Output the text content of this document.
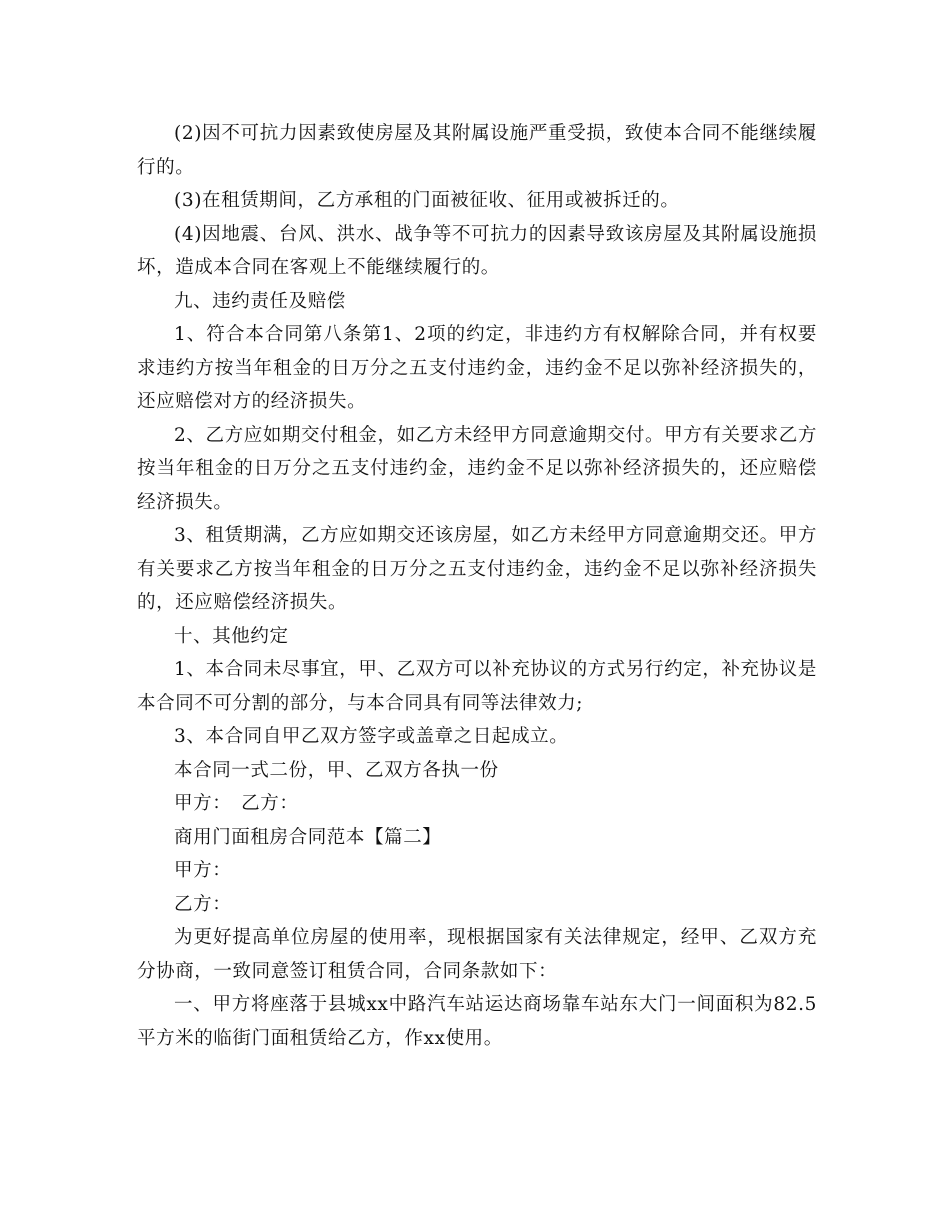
(2)因不可抗力因素致使房屋及其附属设施严重受损，致使本合同不能继续履行的。

(3)在租赁期间，乙方承租的门面被征收、征用或被拆迁的。

(4)因地震、台风、洪水、战争等不可抗力的因素导致该房屋及其附属设施损坏，造成本合同在客观上不能继续履行的。

九、违约责任及赔偿

1、符合本合同第八条第1、2项的约定，非违约方有权解除合同，并有权要求违约方按当年租金的日万分之五支付违约金，违约金不足以弥补经济损失的，还应赔偿对方的经济损失。

2、乙方应如期交付租金，如乙方未经甲方同意逾期交付。甲方有关要求乙方按当年租金的日万分之五支付违约金，违约金不足以弥补经济损失的，还应赔偿经济损失。

3、租赁期满，乙方应如期交还该房屋，如乙方未经甲方同意逾期交还。甲方有关要求乙方按当年租金的日万分之五支付违约金，违约金不足以弥补经济损失的，还应赔偿经济损失。

十、其他约定

1、本合同未尽事宜，甲、乙双方可以补充协议的方式另行约定，补充协议是本合同不可分割的部分，与本合同具有同等法律效力;

3、本合同自甲乙双方签字或盖章之日起成立。

本合同一式二份，甲、乙双方各执一份

甲方：　乙方：

商用门面租房合同范本【篇二】

甲方：

乙方：

为更好提高单位房屋的使用率，现根据国家有关法律规定，经甲、乙双方充分协商，一致同意签订租赁合同，合同条款如下：

一、甲方将座落于县城xx中路汽车站运达商场靠车站东大门一间面积为82.5平方米的临街门面租赁给乙方，作xx使用。
